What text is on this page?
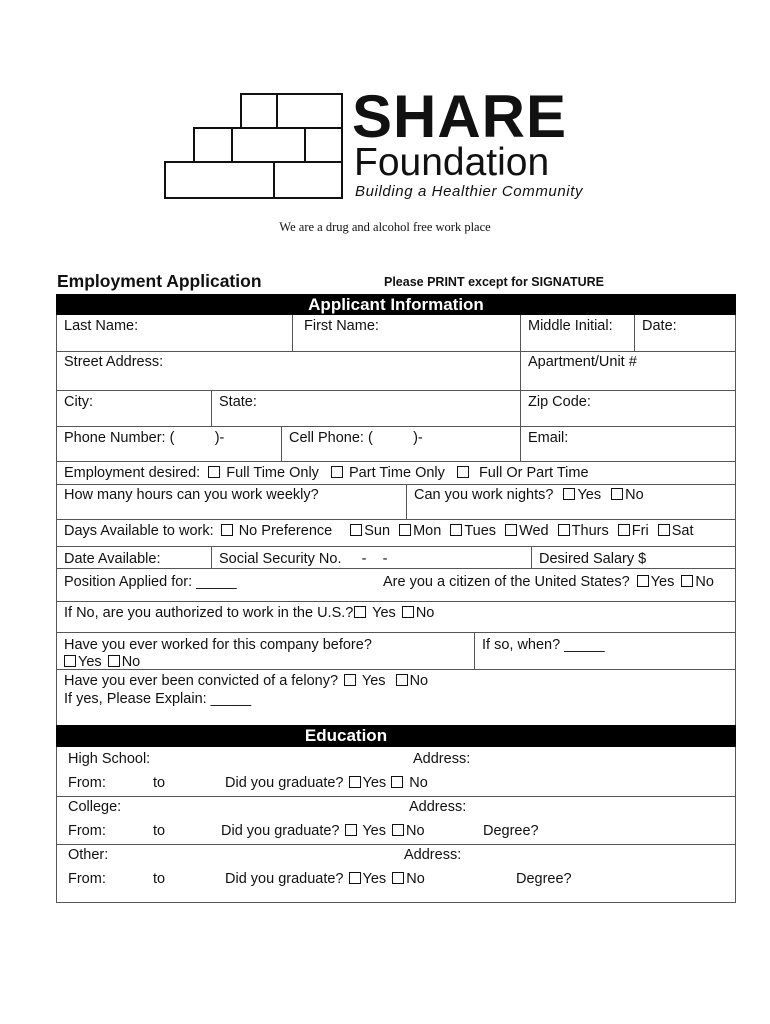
SHARE
Foundation
Building a Healthier Community
We are a drug and alcohol free work place
Employment Application	Please PRINT except for SIGNATURE
Applicant Information
Last Name:	First Name:	Middle Initial: Date:
Street Address:	Apartment/Unit #
City:	State:	Zip Code:
Phone Number: (          )-	Cell Phone: (          )-	Email:
Employment desired: Full Time Only Part Time Only Full Or Part Time
How many hours can you work weekly?	Can you work nights? Yes No
Days Available to work: No Preference Sun Mon Tues Wed Thurs Fri Sat
Date Available:	Social Security No.     -    -	Desired Salary $
Position Applied for: _____	Are you a citizen of the United States? Yes No
If No, are you authorized to work in the U.S.? Yes No
Have you ever worked for this company before?
Yes No
If so, when? _____
Have you ever been convicted of a felony? Yes No
If yes, Please Explain: _____
Education
High School:	Address:
From:	to	Did you graduate? Yes No
College:	Address:
From:	to	Did you graduate? Yes No	Degree?
Other:	Address:
From:	to	Did you graduate? Yes No	Degree?
